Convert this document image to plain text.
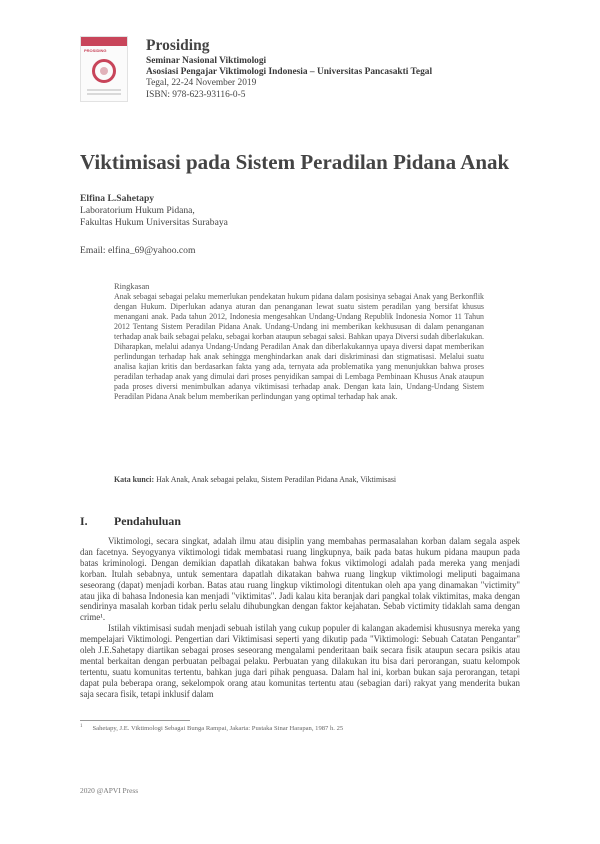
PROSIDING	Prosiding
Seminar Nasional Viktimologi
Asosiasi Pengajar Viktimologi Indonesia – Universitas Pancasakti Tegal
Tegal, 22-24 November 2019
ISBN: 978-623-93116-0-5
Viktimisasi pada Sistem Peradilan Pidana Anak
Elfina L.Sahetapy
Laboratorium Hukum Pidana,
Fakultas Hukum Universitas Surabaya
Email: elfina_69@yahoo.com
Ringkasan
Anak sebagai sebagai pelaku memerlukan pendekatan hukum pidana dalam posisinya sebagai Anak yang Berkonflik dengan Hukum. Diperlukan adanya aturan dan penanganan lewat suatu sistem peradilan yang bersifat khusus menangani anak. Pada tahun 2012, Indonesia mengesahkan Undang-Undang Republik Indonesia Nomor 11 Tahun 2012 Tentang Sistem Peradilan Pidana Anak. Undang-Undang ini memberikan kekhususan di dalam penanganan terhadap anak baik sebagai pelaku, sebagai korban ataupun sebagai saksi. Bahkan upaya Diversi sudah diberlakukan. Diharapkan, melalui adanya Undang-Undang Peradilan Anak dan diberlakukannya upaya diversi dapat memberikan perlindungan terhadap hak anak sehingga menghindarkan anak dari diskriminasi dan stigmatisasi. Melalui suatu analisa kajian kritis dan berdasarkan fakta yang ada, ternyata ada problematika yang menunjukkan bahwa proses peradilan terhadap anak yang dimulai dari proses penyidikan sampai di Lembaga Pembinaan Khusus Anak ataupun pada proses diversi menimbulkan adanya viktimisasi terhadap anak. Dengan kata lain, Undang-Undang Sistem Peradilan Pidana Anak belum memberikan perlindungan yang optimal terhadap hak anak.
Kata kunci: Hak Anak, Anak sebagai pelaku, Sistem Peradilan Pidana Anak, Viktimisasi
I. Pendahuluan

Viktimologi, secara singkat, adalah ilmu atau disiplin yang membahas permasalahan korban dalam segala aspek dan facetnya. Seyogyanya viktimologi tidak membatasi ruang lingkupnya, baik pada batas hukum pidana maupun pada batas kriminologi. Dengan demikian dapatlah dikatakan bahwa fokus viktimologi adalah pada mereka yang menjadi korban. Itulah sebabnya, untuk sementara dapatlah dikatakan bahwa ruang lingkup viktimologi meliputi bagaimana seseorang (dapat) menjadi korban. Batas atau ruang lingkup viktimologi ditentukan oleh apa yang dinamakan "victimity" atau jika di bahasa Indonesia kan menjadi "viktimitas". Jadi kalau kita beranjak dari pangkal tolak viktimitas, maka dengan sendirinya masalah korban tidak perlu selalu dihubungkan dengan faktor kejahatan. Sebab victimity tidaklah sama dengan crime¹.

Istilah viktimisasi sudah menjadi sebuah istilah yang cukup populer di kalangan akademisi khususnya mereka yang mempelajari Viktimologi. Pengertian dari Viktimisasi seperti yang dikutip pada "Viktimologi: Sebuah Catatan Pengantar" oleh J.E.Sahetapy diartikan sebagai proses seseorang mengalami penderitaan baik secara fisik ataupun secara psikis atau mental berkaitan dengan perbuatan pelbagai pelaku. Perbuatan yang dilakukan itu bisa dari perorangan, suatu kelompok tertentu, suatu komunitas tertentu, bahkan juga dari pihak penguasa. Dalam hal ini, korban bukan saja perorangan, tetapi dapat pula beberapa orang, sekelompok orang atau komunitas tertentu atau (sebagian dari) rakyat yang menderita bukan saja secara fisik, tetapi inklusif dalam

$^1$ Sahetapy, J.E. Viktimologi Sebagai Bunga Rampai, Jakarta: Pustaka Sinar Harapan, 1987 h. 25
2020 @APVI Press
